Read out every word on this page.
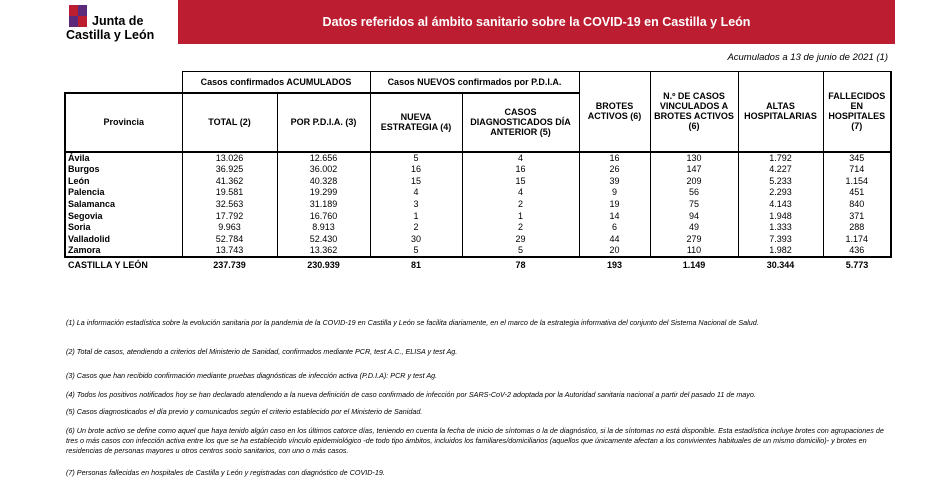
Junta de
Castilla y León
Datos referidos al ámbito sanitario sobre la COVID-19 en Castilla y León
Acumulados a 13 de junio de 2021 (1)
	Casos confirmados ACUMULADOS		Casos NUEVOS confirmados por P.D.I.A.		BROTES ACTIVOS (6)	N.º DE CASOS VINCULADOS A BROTES ACTIVOS (6)	ALTAS HOSPITALARIAS	FALLECIDOS EN HOSPITALES (7)
Provincia	TOTAL (2)	POR P.D.I.A. (3)	NUEVA ESTRATEGIA (4)	CASOS DIAGNOSTICADOS DÍA ANTERIOR (5)				
Ávila	13.026	12.656	5	4	16	130	1.792	345
Burgos	36.925	36.002	16	16	26	147	4.227	714
León	41.362	40.328	15	15	39	209	5.233	1.154
Palencia	19.581	19.299	4	4	9	56	2.293	451
Salamanca	32.563	31.189	3	2	19	75	4.143	840
Segovia	17.792	16.760	1	1	14	94	1.948	371
Soria	9.963	8.913	2	2	6	49	1.333	288
Valladolid	52.784	52.430	30	29	44	279	7.393	1.174
Zamora	13.743	13.362	5	5	20	110	1.982	436
CASTILLA Y LEÓN	237.739	230.939	81	78	193	1.149	30.344	5.773

(1) La información estadística sobre la evolución sanitaria por la pandemia de la COVID-19 en Castilla y León se facilita diariamente, en el marco de la estrategia informativa del conjunto del Sistema Nacional de Salud.

(2) Total de casos, atendiendo a criterios del Ministerio de Sanidad, confirmados mediante PCR, test A.C., ELISA y test Ag.

(3) Casos que han recibido confirmación mediante pruebas diagnósticas de infección activa (P.D.I.A): PCR y test Ag.

(4) Todos los positivos notificados hoy se han declarado atendiendo a la nueva definición de caso confirmado de infección por SARS-CoV-2 adoptada por la Autoridad sanitaria nacional a partir del pasado 11 de mayo.

(5) Casos diagnosticados el día previo y comunicados según el criterio establecido por el Ministerio de Sanidad.

(6) Un brote activo se define como aquel que haya tenido algún caso en los últimos catorce días, teniendo en cuenta la fecha de inicio de síntomas o la de diagnóstico, si la de síntomas no está disponible. Esta estadística incluye brotes con agrupaciones de tres o más casos con infección activa entre los que se ha establecido vínculo epidemiológico -de todo tipo ámbitos, incluidos los familiares/domiciliarios (aquellos que únicamente afectan a los convivientes habituales de un mismo domicilio)- y brotes en residencias de personas mayores u otros centros socio sanitarios, con uno o más casos.

(7) Personas fallecidas en hospitales de Castilla y León y registradas con diagnóstico de COVID-19.
